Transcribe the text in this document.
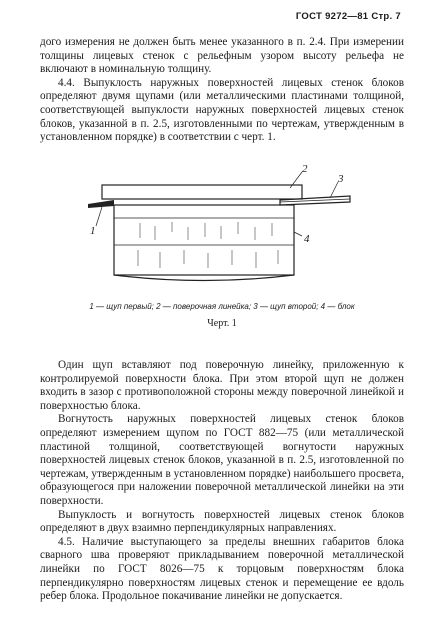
ГОСТ 9272—81 Стр. 7

дого измерения не должен быть менее указанного в п. 2.4. При измерении толщины лицевых стенок с рельефным узором высоту рельефа не включают в номинальную толщину.

4.4. Выпуклость наружных поверхностей лицевых стенок блоков определяют двумя щупами (или металлическими пластинами толщиной, соответствующей выпуклости наружных поверхностей лицевых стенок блоков, указанной в п. 2.5, изготовленными по чертежам, утвержденным в установленном порядке) в соответствии с черт. 1.

1
2
3
4
1 — щуп первый; 2 — поверочная линейка; 3 — щуп второй; 4 — блок
Черт. 1

Один щуп вставляют под поверочную линейку, приложенную к контролируемой поверхности блока. При этом второй щуп не должен входить в зазор с противоположной стороны между поверочной линейкой и поверхностью блока.

Вогнутость наружных поверхностей лицевых стенок блоков определяют измерением щупом по ГОСТ 882—75 (или металлической пластиной толщиной, соответствующей вогнутости наружных поверхностей лицевых стенок блоков, указанной в п. 2.5, изготовленной по чертежам, утвержденным в установленном порядке) наибольшего просвета, образующегося при наложении поверочной металлической линейки на эти поверхности.

Выпуклость и вогнутость поверхностей лицевых стенок блоков определяют в двух взаимно перпендикулярных направлениях.

4.5. Наличие выступающего за пределы внешних габаритов блока сварного шва проверяют прикладыванием поверочной металлической линейки по ГОСТ 8026—75 к торцовым поверхностям блока перпендикулярно поверхностям лицевых стенок и перемещение ее вдоль ребер блока. Продольное покачивание линейки не допускается.
